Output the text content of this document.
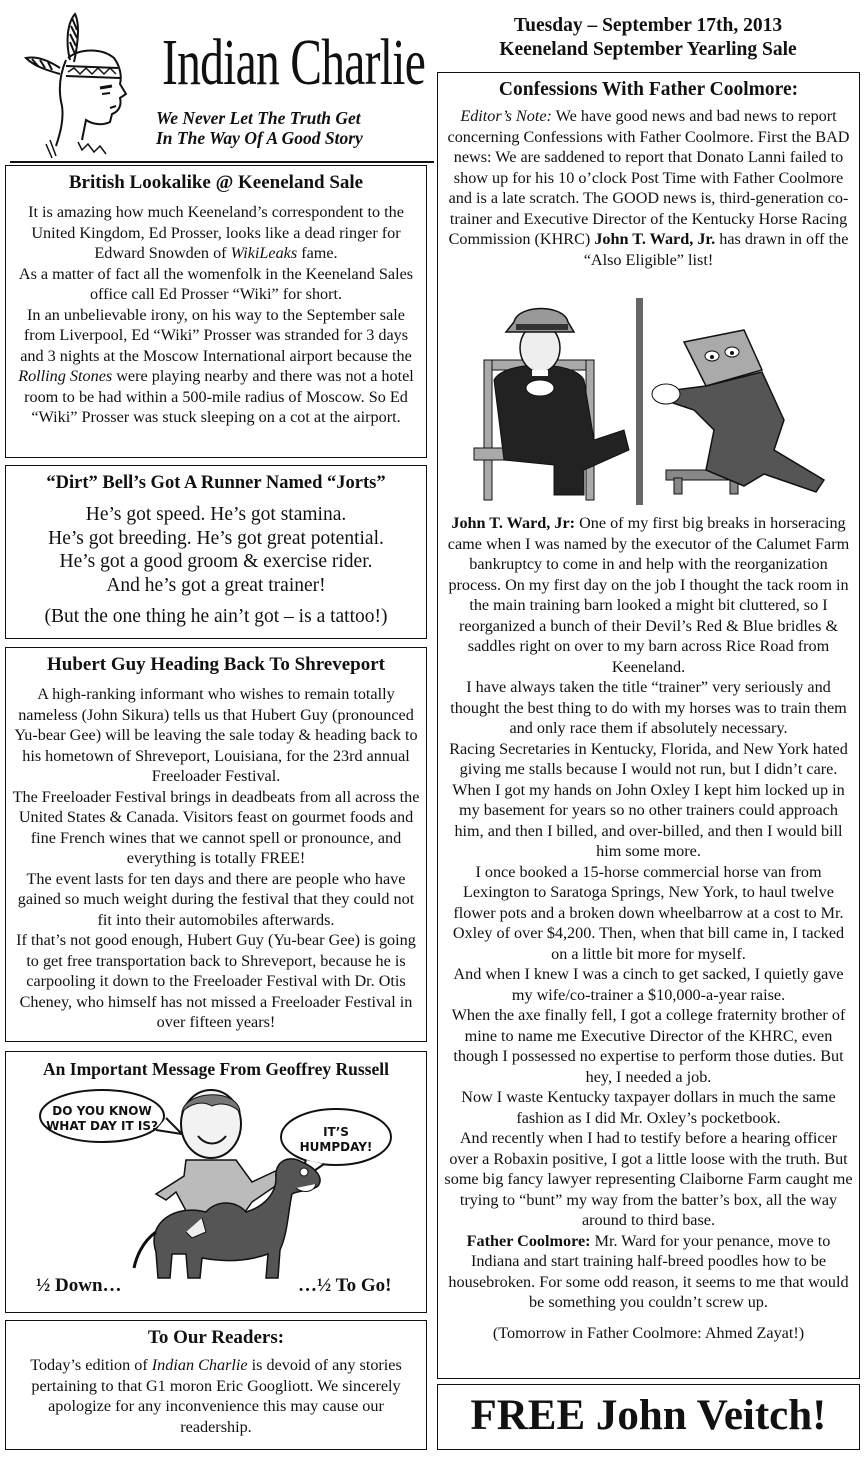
Indian Charlie
We Never Let The Truth Get
In The Way Of A Good Story
Tuesday – September 17th, 2013
Keeneland September Yearling Sale
British Lookalike @ Keeneland Sale

It is amazing how much Keeneland’s correspondent to the United Kingdom, Ed Prosser, looks like a dead ringer for Edward Snowden of WikiLeaks fame.

As a matter of fact all the womenfolk in the Keeneland Sales office call Ed Prosser “Wiki” for short.

In an unbelievable irony, on his way to the September sale from Liverpool, Ed “Wiki” Prosser was stranded for 3 days and 3 nights at the Moscow International airport because the Rolling Stones were playing nearby and there was not a hotel room to be had within a 500-mile radius of Moscow. So Ed “Wiki” Prosser was stuck sleeping on a cot at the airport.

“Dirt” Bell’s Got A Runner Named “Jorts”
He’s got speed. He’s got stamina.
He’s got breeding. He’s got great potential.
He’s got a good groom & exercise rider.
And he’s got a great trainer!
(But the one thing he ain’t got – is a tattoo!)
Hubert Guy Heading Back To Shreveport

A high-ranking informant who wishes to remain totally nameless (John Sikura) tells us that Hubert Guy (pronounced Yu-bear Gee) will be leaving the sale today & heading back to his hometown of Shreveport, Louisiana, for the 23rd annual Freeloader Festival.

The Freeloader Festival brings in deadbeats from all across the United States & Canada. Visitors feast on gourmet foods and fine French wines that we cannot spell or pronounce, and everything is totally FREE!

The event lasts for ten days and there are people who have gained so much weight during the festival that they could not fit into their automobiles afterwards.

If that’s not good enough, Hubert Guy (Yu-bear Gee) is going to get free transportation back to Shreveport, because he is carpooling it down to the Freeloader Festival with Dr. Otis Cheney, who himself has not missed a Freeloader Festival in over fifteen years!

An Important Message From Geoffrey Russell
DO YOU KNOW
WHAT DAY IT IS?	IT’S
HUMPDAY!
½ Down…	…½ To Go!
To Our Readers:

Today’s edition of Indian Charlie is devoid of any stories pertaining to that G1 moron Eric Googliott. We sincerely apologize for any inconvenience this may cause our readership.

Confessions With Father Coolmore:

Editor’s Note: We have good news and bad news to report concerning Confessions with Father Coolmore. First the BAD news: We are saddened to report that Donato Lanni failed to show up for his 10 o’clock Post Time with Father Coolmore and is a late scratch. The GOOD news is, third-generation co-trainer and Executive Director of the Kentucky Horse Racing Commission (KHRC) John T. Ward, Jr. has drawn in off the “Also Eligible” list!

John T. Ward, Jr: One of my first big breaks in horseracing came when I was named by the executor of the Calumet Farm bankruptcy to come in and help with the reorganization process. On my first day on the job I thought the tack room in the main training barn looked a might bit cluttered, so I reorganized a bunch of their Devil’s Red & Blue bridles & saddles right on over to my barn across Rice Road from Keeneland.

I have always taken the title “trainer” very seriously and thought the best thing to do with my horses was to train them and only race them if absolutely necessary.

Racing Secretaries in Kentucky, Florida, and New York hated giving me stalls because I would not run, but I didn’t care. When I got my hands on John Oxley I kept him locked up in my basement for years so no other trainers could approach him, and then I billed, and over-billed, and then I would bill him some more.

I once booked a 15-horse commercial horse van from Lexington to Saratoga Springs, New York, to haul twelve flower pots and a broken down wheelbarrow at a cost to Mr. Oxley of over $4,200. Then, when that bill came in, I tacked on a little bit more for myself.

And when I knew I was a cinch to get sacked, I quietly gave my wife/co-trainer a $10,000-a-year raise.

When the axe finally fell, I got a college fraternity brother of mine to name me Executive Director of the KHRC, even though I possessed no expertise to perform those duties. But hey, I needed a job.

Now I waste Kentucky taxpayer dollars in much the same fashion as I did Mr. Oxley’s pocketbook.

And recently when I had to testify before a hearing officer over a Robaxin positive, I got a little loose with the truth. But some big fancy lawyer representing Claiborne Farm caught me trying to “bunt” my way from the batter’s box, all the way around to third base.

Father Coolmore: Mr. Ward for your penance, move to Indiana and start training half-breed poodles how to be housebroken. For some odd reason, it seems to me that would be something you couldn’t screw up.

(Tomorrow in Father Coolmore: Ahmed Zayat!)

FREE John Veitch!
